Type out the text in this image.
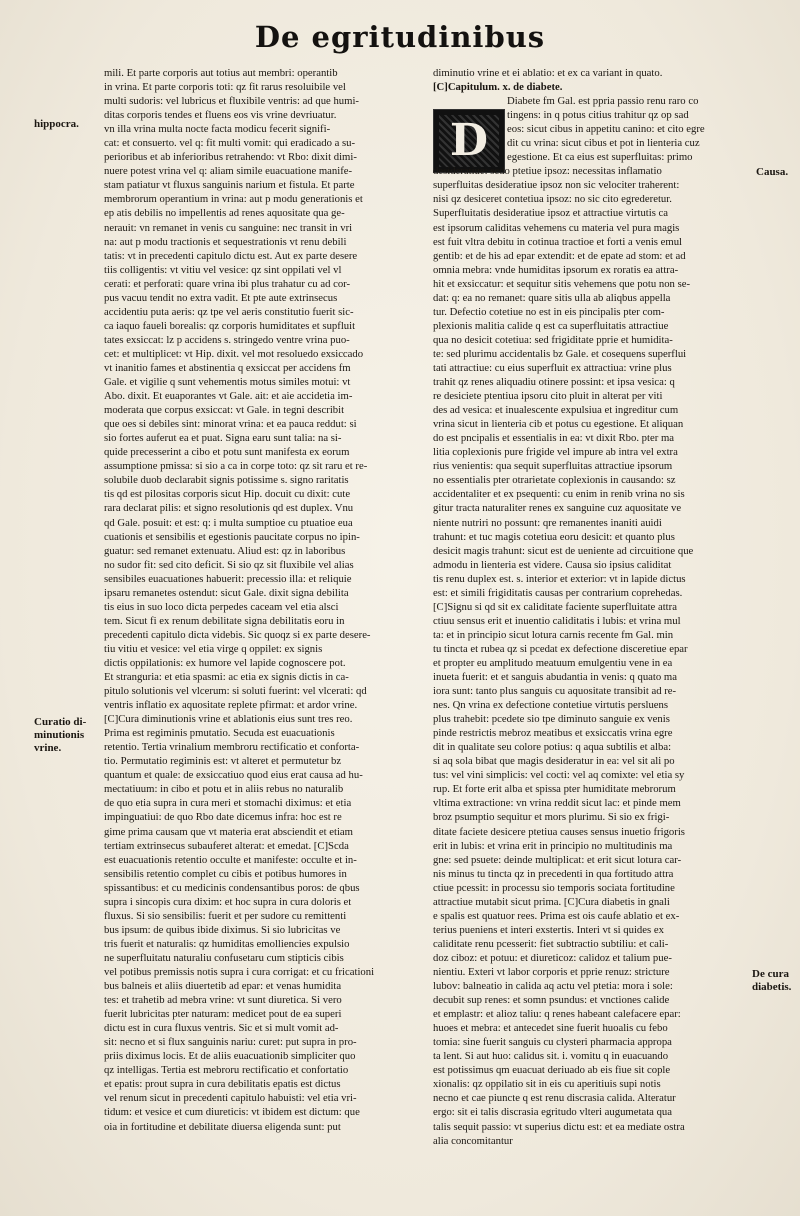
De egritudinibus
hippocra.
Curatio di-
minutionis
vrine.
Causa.
De cura
diabetis.
mili. Et parte corporis aut totius aut membri: operantib
in vrina. Et parte corporis toti: qz fit rarus resoluibile vel
multi sudoris: vel lubricus et fluxibile ventris: ad que humi-
ditas corporis tendes et fluens eos vis vrine devriuatur.
vn illa vrina multa nocte facta modicu fecerit signifi-
cat: et consuerto. vel q: fit multi vomit: qui eradicado a su-
perioribus et ab inferioribus retrahendo: vt Rbo: dixit dimi-
nuere potest vrina vel q: aliam simile euacuatione manife-
stam patiatur vt fluxus sanguinis narium et fistula. Et parte
membrorum operantium in vrina: aut p modu generationis et
ep atis debilis no impellentis ad renes aquositate qua ge-
nerauit: vn remanet in venis cu sanguine: nec transit in vri
na: aut p modu tractionis et sequestrationis vt renu debili
tatis: vt in precedenti capitulo dictu est. Aut ex parte desere
tiis colligentis: vt vitiu vel vesice: qz sint oppilati vel vl
cerati: et perforati: quare vrina ibi plus trahatur cu ad cor-
pus vacuu tendit no extra vadit. Et pte aute extrinsecus
accidentiu puta aeris: qz tpe vel aeris constitutio fuerit sic-
ca iaquo faueli borealis: qz corporis humiditates et supfluit
tates exsiccat: lz p accidens s. stringedo ventre vrina puo-
cet: et multiplicet: vt Hip. dixit. vel mot resoluedo exsiccado
vt inanitio fames et abstinentia q exsiccat per accidens fm
Gale. et vigilie q sunt vehementis motus similes motui: vt
Abo. dixit. Et euaporantes vt Gale. ait: et aie accidetia im-
moderata que corpus exsiccat: vt Gale. in tegni describit
que oes si debiles sint: minorat vrina: et ea pauca reddut: si
sio fortes auferut ea et puat. Signa earu sunt talia: na si-
quide precesserint a cibo et potu sunt manifesta ex eorum
assumptione pmissa: si sio a ca in corpe toto: qz sit raru et re-
solubile duob declarabit signis potissime s. signo raritatis
tis qd est pilositas corporis sicut Hip. docuit cu dixit: cute
rara declarat pilis: et signo resolutionis qd est duplex. Vnu
qd Gale. posuit: et est: q: i multa sumptioe cu ptuatioe eua
cuationis et sensibilis et egestionis paucitate corpus no ipin-
guatur: sed remanet extenuatu. Aliud est: qz in laboribus
no sudor fit: sed cito deficit. Si sio qz sit fluxibile vel alias
sensibiles euacuationes habuerit: precessio illa: et reliquie
ipsaru remanetes ostendut: sicut Gale. dixit signa debilita
tis eius in suo loco dicta perpedes caceam vel etia alsci
tem. Sicut fi ex renum debilitate signa debilitatis eoru in
precedenti capitulo dicta videbis. Sic quoqz si ex parte desere-
tiu vitiu et vesice: vel etia virge q oppilet: ex signis
dictis oppilationis: ex humore vel lapide cognoscere pot.
Et stranguria: et etia spasmi: ac etia ex signis dictis in ca-
pitulo solutionis vel vlcerum: si soluti fuerint: vel vlcerati: qd
ventris inflatio ex aquositate replete pfirmat: et ardor vrine.
[C]Cura diminutionis vrine et ablationis eius sunt tres reo.
Prima est regiminis pmutatio. Secuda est euacuationis
retentio. Tertia vrinalium membroru rectificatio et conforta-
tio. Permutatio regiminis est: vt alteret et permutetur bz
quantum et quale: de exsiccatiuo quod eius erat causa ad hu-
mectatiuum: in cibo et potu et in aliis rebus no naturalib
de quo etia supra in cura meri et stomachi diximus: et etia
impinguatiui: de quo Rbo date dicemus infra: hoc est re
gime prima causam que vt materia erat absciendit et etiam
tertiam extrinsecus subauferet alterat: et emedat. [C]Scda
est euacuationis retentio occulte et manifeste: occulte et in-
sensibilis retentio complet cu cibis et potibus humores in
spissantibus: et cu medicinis condensantibus poros: de qbus
supra i sincopis cura dixim: et hoc supra in cura doloris et
fluxus. Si sio sensibilis: fuerit et per sudore cu remittenti
bus ipsum: de quibus ibide diximus. Si sio lubricitas ve
tris fuerit et naturalis: qz humiditas emolliencies expulsio
ne superfluitatu naturaliu confusetaru cum stipticis cibis
vel potibus premissis notis supra i cura corrigat: et cu fricationi
bus balneis et aliis diuertetib ad epar: et venas humidita
tes: et trahetib ad mebra vrine: vt sunt diuretica. Si vero
fuerit lubricitas pter naturam: medicet pout de ea superi
dictu est in cura fluxus ventris. Sic et si mult vomit ad-
sit: necno et si flux sanguinis nariu: curet: put supra in pro-
priis diximus locis. Et de aliis euacuationib simpliciter quo
qz intelligas. Tertia est mebroru rectificatio et confortatio
et epatis: prout supra in cura debilitatis epatis est dictus
vel renum sicut in precedenti capitulo habuisti: vel etia vri-
tidum: et vesice et cum diureticis: vt ibidem est dictum: que
oia in fortitudine et debilitate diuersa eligenda sunt: put
D
diminutio vrine et ei ablatio: et ex ca variant in quato.
[C]Capitulum. x. de diabete.
Diabete fm Gal. est ppria passio renu raro co
tingens: in q potus citius trahitur qz op sad
eos: sicut cibus in appetitu canino: et cito egre
dit cu vrina: sicut cibus et pot in lienteria cuz
egestione. Et ca eius est superfluitas: primo
desideratiue: scdo ptetiue ipsoz: necessitas inflamatio
superfluitas desideratiue ipsoz non sic velociter traherent:
nisi qz desiceret contetiua ipsoz: no sic cito egrederetur.
Superfluitatis desideratiue ipsoz et attractiue virtutis ca
est ipsorum caliditas vehemens cu materia vel pura magis
est fuit vltra debitu in cotinua tractioe et forti a venis emul
gentib: et de his ad epar extendit: et de epate ad stom: et ad
omnia mebra: vnde humiditas ipsorum ex roratis ea attra-
hit et exsiccatur: et sequitur sitis vehemens que potu non se-
dat: q: ea no remanet: quare sitis ulla ab aliqbus appella
tur. Defectio cotetiue no est in eis pincipalis pter com-
plexionis malitia calide q est ca superfluitatis attractiue
qua no desicit cotetiua: sed frigiditate pprie et humidita-
te: sed plurimu accidentalis bz Gale. et cosequens superflui
tati attractiue: cu eius superfluit ex attractiua: vrine plus
trahit qz renes aliquadiu otinere possint: et ipsa vesica: q
re desiciete ptentiua ipsoru cito pluit in alterat per viti
des ad vesica: et inualescente expulsiua et ingreditur cum
vrina sicut in lienteria cib et potus cu egestione. Et aliquan
do est pncipalis et essentialis in ea: vt dixit Rbo. pter ma
litia coplexionis pure frigide vel impure ab intra vel extra
rius venientis: qua sequit superfluitas attractiue ipsorum
no essentialis pter otrarietate coplexionis in causando: sz
accidentaliter et ex psequenti: cu enim in renib vrina no sis
gitur tracta naturaliter renes ex sanguine cuz aquositate ve
niente nutriri no possunt: qre remanentes inaniti auidi
trahunt: et tuc magis cotetiua eoru desicit: et quanto plus
desicit magis trahunt: sicut est de ueniente ad circuitione que
admodu in lienteria est videre. Causa sio ipsius caliditat
tis renu duplex est. s. interior et exterior: vt in lapide dictus
est: et simili frigiditatis causas per contrarium coprehedas.
[C]Signu si qd sit ex caliditate faciente superfluitate attra
ctiuu sensus erit et inuentio caliditatis i lubis: et vrina mul
ta: et in principio sicut lotura carnis recente fm Gal. min
tu tincta et rubea qz si pcedat ex defectione disceretiue epar
et propter eu amplitudo meatuum emulgentiu vene in ea
inueta fuerit: et et sanguis abudantia in venis: q quato ma
iora sunt: tanto plus sanguis cu aquositate transibit ad re-
nes. Qn vrina ex defectione contetiue virtutis persluens
plus trahebit: pcedete sio tpe diminuto sanguie ex venis
pinde restrictis mebroz meatibus et exsiccatis vrina egre
dit in qualitate seu colore potius: q aqua subtilis et alba:
si aq sola bibat que magis desideratur in ea: vel sit ali po
tus: vel vini simplicis: vel cocti: vel aq comixte: vel etia sy
rup. Et forte erit alba et spissa pter humiditate mebrorum
vltima extractione: vn vrina reddit sicut lac: et pinde mem
broz psumptio sequitur et mors plurimu. Si sio ex frigi-
ditate faciete desicere ptetiua causes sensus inuetio frigoris
erit in lubis: et vrina erit in principio no multitudinis ma
gne: sed psuete: deinde multiplicat: et erit sicut lotura car-
nis minus tu tincta qz in precedenti in qua fortitudo attra
ctiue pcessit: in processu sio temporis sociata fortitudine
attractiue mutabit sicut prima. [C]Cura diabetis in gnali
e spalis est quatuor rees. Prima est ois caufe ablatio et ex-
terius pueniens et interi exstertis. Interi vt si quides ex
caliditate renu pcesserit: fiet subtractio subtiliu: et cali-
doz ciboz: et potuu: et diureticoz: calidoz et talium pue-
nientiu. Exteri vt labor corporis et pprie renuz: stricture
lubov: balneatio in calida aq actu vel ptetia: mora i sole:
decubit sup renes: et somn psundus: et vnctiones calide
et emplastr: et alioz taliu: q renes habeant calefacere epar:
huoes et mebra: et antecedet sine fuerit huoalis cu febo
tomia: sine fuerit sanguis cu clysteri pharmacia appropa
ta lent. Si aut huo: calidus sit. i. vomitu q in euacuando
est potissimus qm euacuat deriuado ab eis fiue sit cople
xionalis: qz oppilatio sit in eis cu aperitiuis supi notis
necno et cae piuncte q est renu discrasia calida. Alteratur
ergo: sit ei talis discrasia egritudo vlteri augumetata qua
talis sequit passio: vt superius dictu est: et ea mediate ostra
alia concomitantur
